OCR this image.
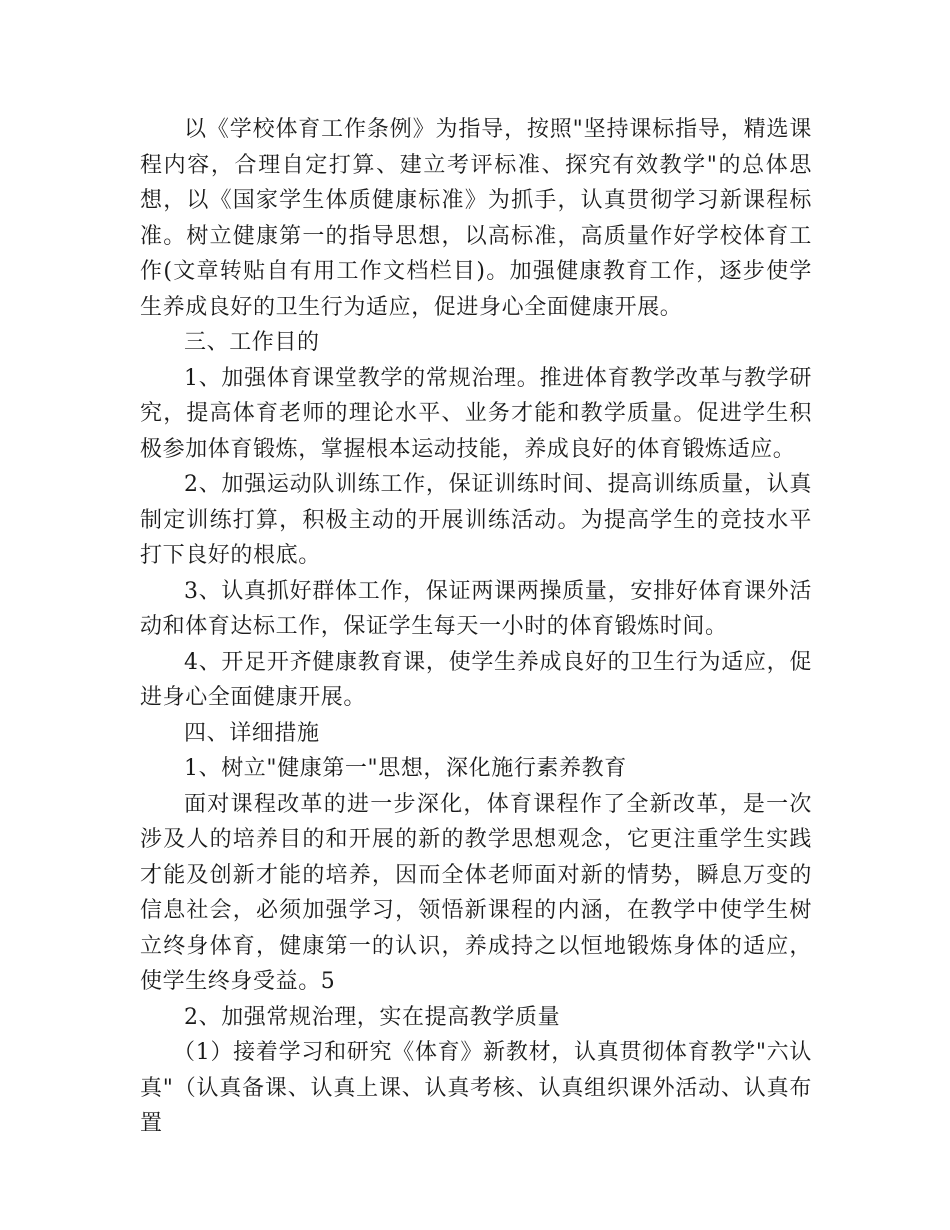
以《学校体育工作条例》为指导，按照"坚持课标指导，精选课程内容，合理自定打算、建立考评标准、探究有效教学"的总体思想，以《国家学生体质健康标准》为抓手，认真贯彻学习新课程标准。树立健康第一的指导思想，以高标准，高质量作好学校体育工作(文章转贴自有用工作文档栏目)。加强健康教育工作，逐步使学生养成良好的卫生行为适应，促进身心全面健康开展。

三、工作目的

1、加强体育课堂教学的常规治理。推进体育教学改革与教学研究，提高体育老师的理论水平、业务才能和教学质量。促进学生积极参加体育锻炼，掌握根本运动技能，养成良好的体育锻炼适应。

2、加强运动队训练工作，保证训练时间、提高训练质量，认真制定训练打算，积极主动的开展训练活动。为提高学生的竞技水平打下良好的根底。

3、认真抓好群体工作，保证两课两操质量，安排好体育课外活动和体育达标工作，保证学生每天一小时的体育锻炼时间。

4、开足开齐健康教育课，使学生养成良好的卫生行为适应，促进身心全面健康开展。

四、详细措施

1、树立"健康第一"思想，深化施行素养教育

面对课程改革的进一步深化，体育课程作了全新改革，是一次涉及人的培养目的和开展的新的教学思想观念，它更注重学生实践才能及创新才能的培养，因而全体老师面对新的情势，瞬息万变的信息社会，必须加强学习，领悟新课程的内涵，在教学中使学生树立终身体育，健康第一的认识，养成持之以恒地锻炼身体的适应，使学生终身受益。5

2、加强常规治理，实在提高教学质量

（1）接着学习和研究《体育》新教材，认真贯彻体育教学"六认真"（认真备课、认真上课、认真考核、认真组织课外活动、认真布置
